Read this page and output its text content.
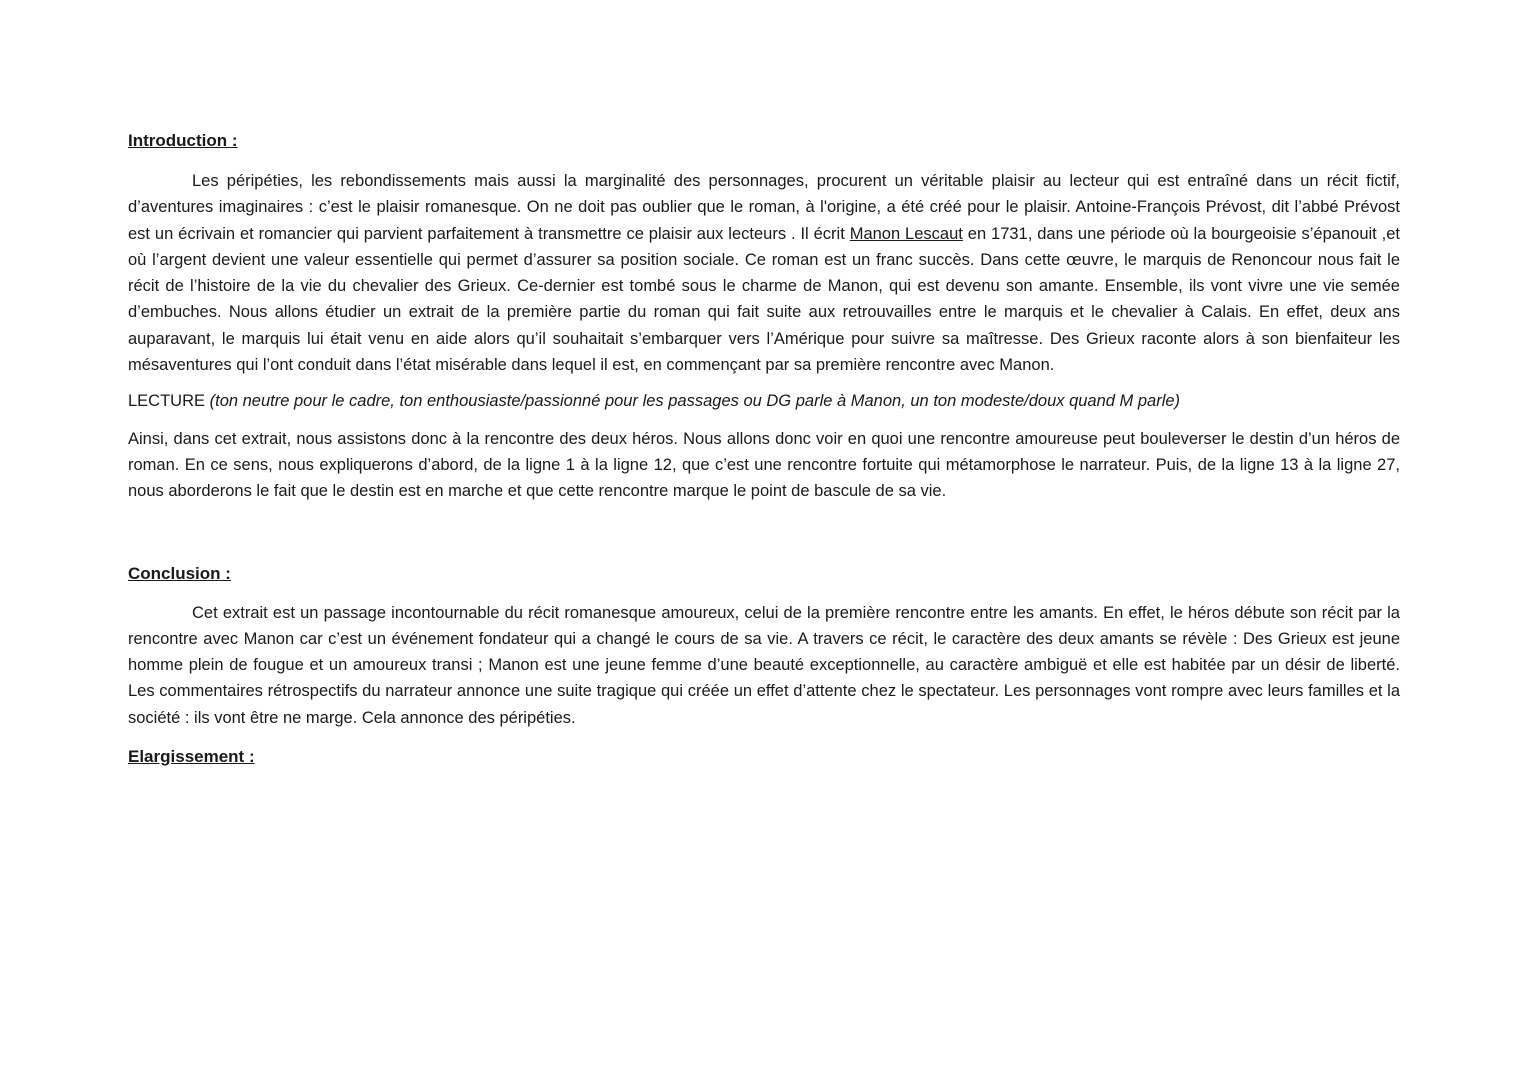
Introduction :

Les péripéties, les rebondissements mais aussi la marginalité des personnages, procurent un véritable plaisir au lecteur qui est entraîné dans un récit fictif, d’aventures imaginaires : c’est le plaisir romanesque. On ne doit pas oublier que le roman, à l'origine, a été créé pour le plaisir. Antoine-François Prévost, dit l’abbé Prévost est un écrivain et romancier qui parvient parfaitement à transmettre ce plaisir aux lecteurs . Il écrit Manon Lescaut en 1731, dans une période où la bourgeoisie s’épanouit ,et où l’argent devient une valeur essentielle qui permet d’assurer sa position sociale. Ce roman est un franc succès. Dans cette œuvre, le marquis de Renoncour nous fait le récit de l’histoire de la vie du chevalier des Grieux. Ce-dernier est tombé sous le charme de Manon, qui est devenu son amante. Ensemble, ils vont vivre une vie semée d’embuches. Nous allons étudier un extrait de la première partie du roman qui fait suite aux retrouvailles entre le marquis et le chevalier à Calais. En effet, deux ans auparavant, le marquis lui était venu en aide alors qu’il souhaitait s’embarquer vers l’Amérique pour suivre sa maîtresse. Des Grieux raconte alors à son bienfaiteur les mésaventures qui l’ont conduit dans l’état misérable dans lequel il est, en commençant par sa première rencontre avec Manon.

LECTURE (ton neutre pour le cadre, ton enthousiaste/passionné pour les passages ou DG parle à Manon, un ton modeste/doux quand M parle)

Ainsi, dans cet extrait, nous assistons donc à la rencontre des deux héros. Nous allons donc voir en quoi une rencontre amoureuse peut bouleverser le destin d’un héros de roman. En ce sens, nous expliquerons d’abord, de la ligne 1 à la ligne 12, que c’est une rencontre fortuite qui métamorphose le narrateur. Puis, de la ligne 13 à la ligne 27, nous aborderons le fait que le destin est en marche et que cette rencontre marque le point de bascule de sa vie.

Conclusion :

Cet extrait est un passage incontournable du récit romanesque amoureux, celui de la première rencontre entre les amants. En effet, le héros débute son récit par la rencontre avec Manon car c’est un événement fondateur qui a changé le cours de sa vie. A travers ce récit, le caractère des deux amants se révèle : Des Grieux est jeune homme plein de fougue et un amoureux transi ; Manon est une jeune femme d’une beauté exceptionnelle, au caractère ambiguë et elle est habitée par un désir de liberté. Les commentaires rétrospectifs du narrateur annonce une suite tragique qui créée un effet d’attente chez le spectateur. Les personnages vont rompre avec leurs familles et la société : ils vont être ne marge. Cela annonce des péripéties.

Elargissement :
